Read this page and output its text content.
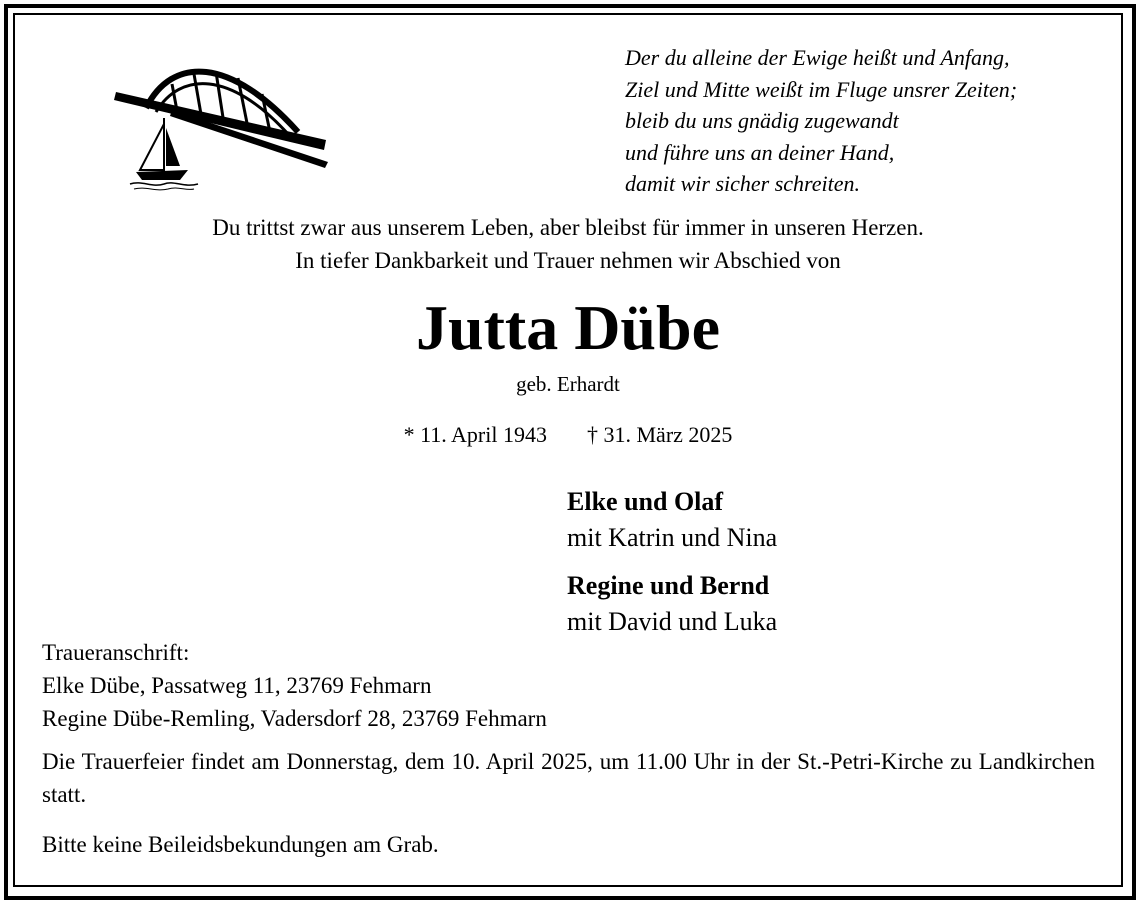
Der du alleine der Ewige heißt und Anfang,
Ziel und Mitte weißt im Fluge unsrer Zeiten;
bleib du uns gnädig zugewandt
und führe uns an deiner Hand,
damit wir sicher schreiten.
Du trittst zwar aus unserem Leben, aber bleibst für immer in unseren Herzen.
In tiefer Dankbarkeit und Trauer nehmen wir Abschied von
Jutta Dübe
geb. Erhardt
* 11. April 1943 † 31. März 2025
Elke und Olaf
mit Katrin und Nina
Regine und Bernd
mit David und Luka
Traueranschrift:
Elke Dübe, Passatweg 11, 23769 Fehmarn
Regine Dübe-Remling, Vadersdorf 28, 23769 Fehmarn
Die Trauerfeier findet am Donnerstag, dem 10. April 2025, um 11.00 Uhr in der St.-Petri-Kirche zu Landkirchen statt.
Bitte keine Beileidsbekundungen am Grab.
